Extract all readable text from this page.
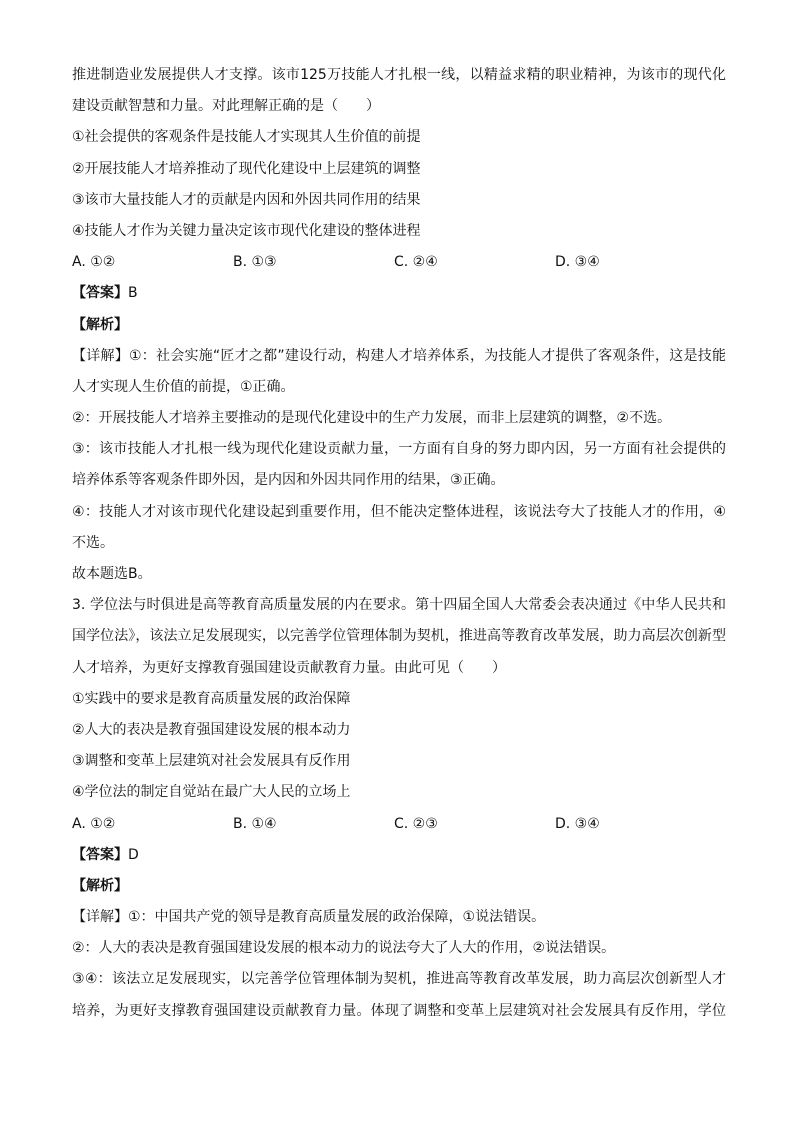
推进制造业发展提供人才支撑。该市125万技能人才扎根一线，以精益求精的职业精神，为该市的现代化
建设贡献智慧和力量。对此理解正确的是（　　）
①社会提供的客观条件是技能人才实现其人生价值的前提
②开展技能人才培养推动了现代化建设中上层建筑的调整
③该市大量技能人才的贡献是内因和外因共同作用的结果
④技能人才作为关键力量决定该市现代化建设的整体进程
A. ①②	B. ①③	C. ②④	D. ③④
【答案】B
【解析】
【详解】①：社会实施“匠才之都”建设行动，构建人才培养体系，为技能人才提供了客观条件，这是技能
人才实现人生价值的前提，①正确。
②：开展技能人才培养主要推动的是现代化建设中的生产力发展，而非上层建筑的调整，②不选。
③：该市技能人才扎根一线为现代化建设贡献力量，一方面有自身的努力即内因，另一方面有社会提供的
培养体系等客观条件即外因，是内因和外因共同作用的结果，③正确。
④：技能人才对该市现代化建设起到重要作用，但不能决定整体进程，该说法夸大了技能人才的作用，④
不选。
故本题选B。
3. 学位法与时俱进是高等教育高质量发展的内在要求。第十四届全国人大常委会表决通过《中华人民共和
国学位法》，该法立足发展现实，以完善学位管理体制为契机，推进高等教育改革发展，助力高层次创新型
人才培养，为更好支撑教育强国建设贡献教育力量。由此可见（　　）
①实践中的要求是教育高质量发展的政治保障
②人大的表决是教育强国建设发展的根本动力
③调整和变革上层建筑对社会发展具有反作用
④学位法的制定自觉站在最广大人民的立场上
A. ①②	B. ①④	C. ②③	D. ③④
【答案】D
【解析】
【详解】①：中国共产党的领导是教育高质量发展的政治保障，①说法错误。
②：人大的表决是教育强国建设发展的根本动力的说法夸大了人大的作用，②说法错误。
③④：该法立足发展现实，以完善学位管理体制为契机，推进高等教育改革发展，助力高层次创新型人才
培养，为更好支撑教育强国建设贡献教育力量。体现了调整和变革上层建筑对社会发展具有反作用，学位
